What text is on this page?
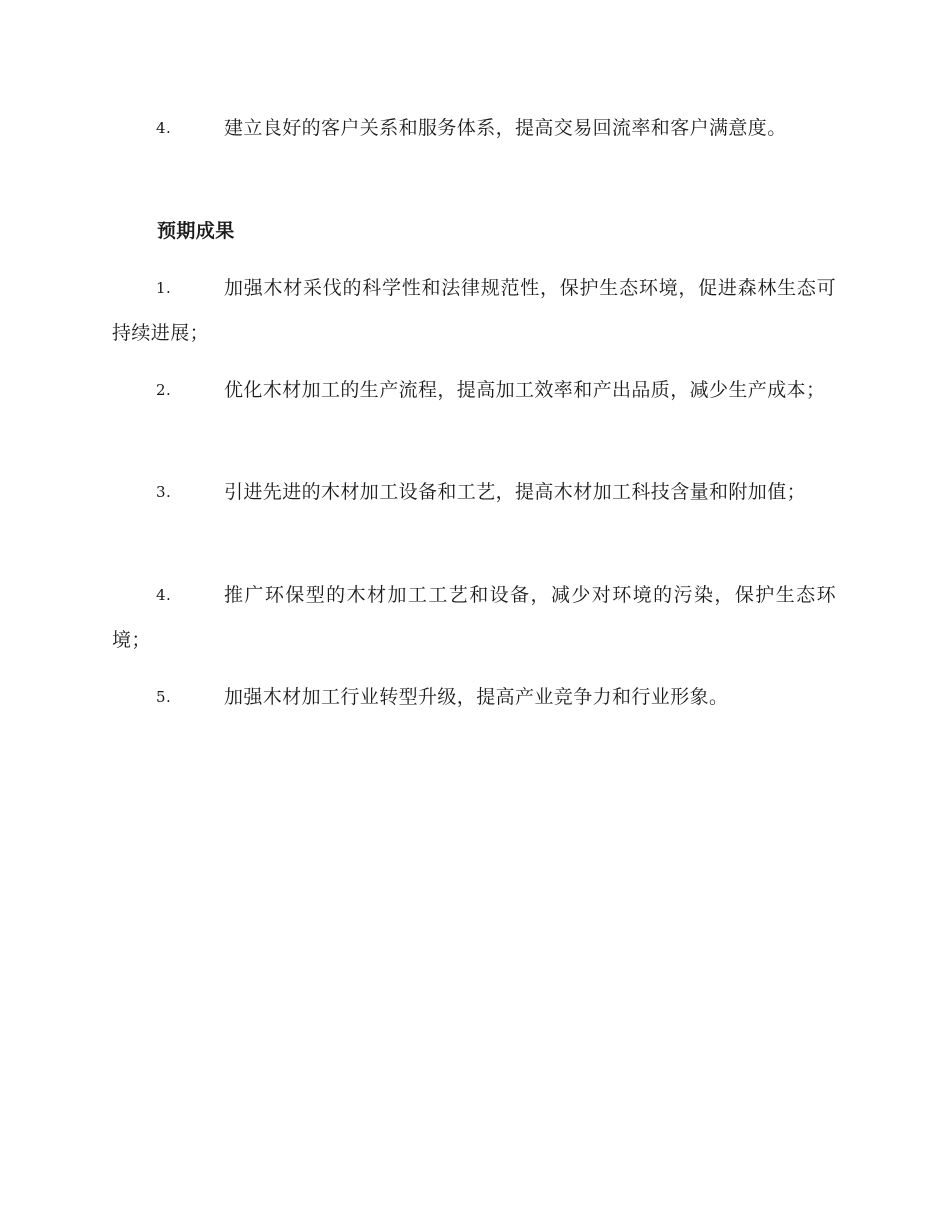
4.	建立良好的客户关系和服务体系，提高交易回流率和客户满意度。
预期成果
1.	加强木材采伐的科学性和法律规范性，保护生态环境，促进森林生态可持续进展；
2.	优化木材加工的生产流程，提高加工效率和产出品质，减少生产成本；
3.	引进先进的木材加工设备和工艺，提高木材加工科技含量和附加值；
4.	推广环保型的木材加工工艺和设备，减少对环境的污染，保护生态环境；
5.	加强木材加工行业转型升级，提高产业竞争力和行业形象。
